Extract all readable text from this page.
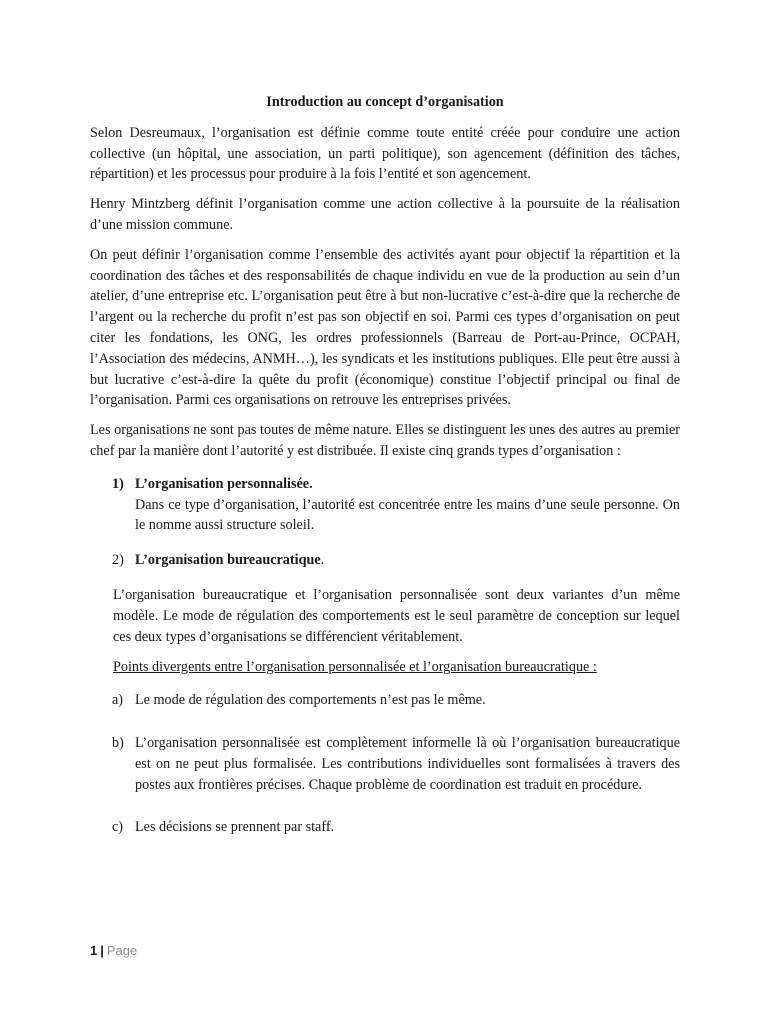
Introduction au concept d’organisation

Selon Desreumaux, l’organisation est définie comme toute entité créée pour conduire une action collective (un hôpital, une association, un parti politique), son agencement (définition des tâches, répartition) et les processus pour produire à la fois l’entité et son agencement.

Henry Mintzberg définit l’organisation comme une action collective à la poursuite de la réalisation d’une mission commune.

On peut définir l’organisation comme l’ensemble des activités ayant pour objectif la répartition et la coordination des tâches et des responsabilités de chaque individu en vue de la production au sein d’un atelier, d’une entreprise etc. L’organisation peut être à but non-lucrative c’est-à-dire que la recherche de l’argent ou la recherche du profit n’est pas son objectif en soi. Parmi ces types d’organisation on peut citer les fondations, les ONG, les ordres professionnels (Barreau de Port-au-Prince, OCPAH, l’Association des médecins, ANMH…), les syndicats et les institutions publiques. Elle peut être aussi à but lucrative c’est-à-dire la quête du profit (économique) constitue l’objectif principal ou final de l’organisation. Parmi ces organisations on retrouve les entreprises privées.

Les organisations ne sont pas toutes de même nature. Elles se distinguent les unes des autres au premier chef par la manière dont l’autorité y est distribuée. Il existe cinq grands types d’organisation :

1) L’organisation personnalisée.
Dans ce type d’organisation, l’autorité est concentrée entre les mains d’une seule personne. On le nomme aussi structure soleil.
2) L’organisation bureaucratique.

L’organisation bureaucratique et l’organisation personnalisée sont deux variantes d’un même modèle. Le mode de régulation des comportements est le seul paramètre de conception sur lequel ces deux types d’organisations se différencient véritablement.

Points divergents entre l’organisation personnalisée et l’organisation bureaucratique :

a) Le mode de régulation des comportements n’est pas le même.
b) L’organisation personnalisée est complètement informelle là où l’organisation bureaucratique est on ne peut plus formalisée. Les contributions individuelles sont formalisées à travers des postes aux frontières précises. Chaque problème de coordination est traduit en procédure.
c) Les décisions se prennent par staff.
1 | Page
